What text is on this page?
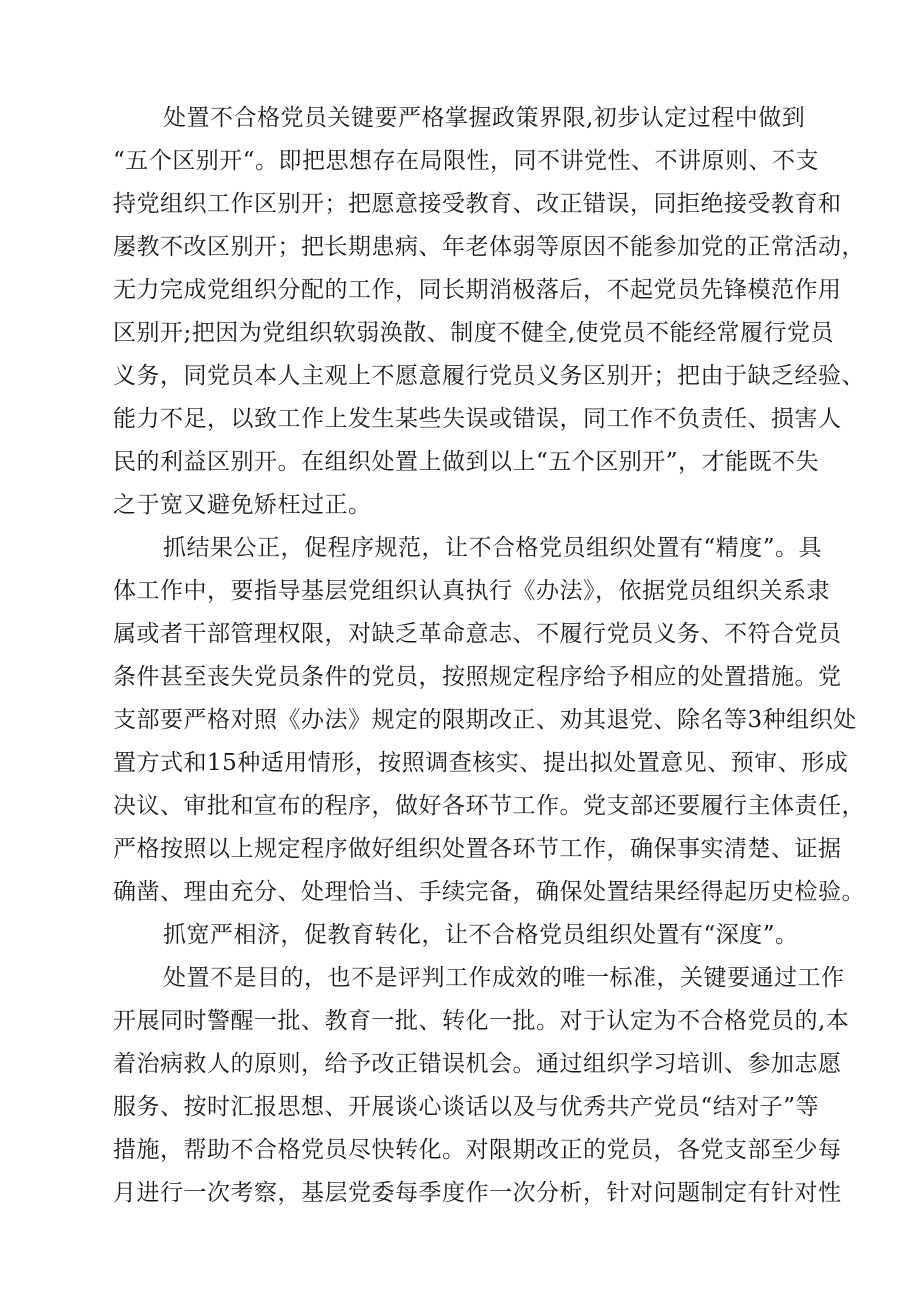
处置不合格党员关键要严格掌握政策界限,初步认定过程中做到
“五个区别开“。即把思想存在局限性，同不讲党性、不讲原则、不支
持党组织工作区别开；把愿意接受教育、改正错误，同拒绝接受教育和
屡教不改区别开；把长期患病、年老体弱等原因不能参加党的正常活动，
无力完成党组织分配的工作，同长期消极落后，不起党员先锋模范作用
区别开;把因为党组织软弱涣散、制度不健全,使党员不能经常履行党员
义务，同党员本人主观上不愿意履行党员义务区别开；把由于缺乏经验、
能力不足，以致工作上发生某些失误或错误，同工作不负责任、损害人
民的利益区别开。在组织处置上做到以上“五个区别开”，才能既不失
之于宽又避免矫枉过正。
抓结果公正，促程序规范，让不合格党员组织处置有“精度”。具
体工作中，要指导基层党组织认真执行《办法》，依据党员组织关系隶
属或者干部管理权限，对缺乏革命意志、不履行党员义务、不符合党员
条件甚至丧失党员条件的党员，按照规定程序给予相应的处置措施。党
支部要严格对照《办法》规定的限期改正、劝其退党、除名等3种组织处
置方式和15种适用情形，按照调查核实、提出拟处置意见、预审、形成
决议、审批和宣布的程序，做好各环节工作。党支部还要履行主体责任，
严格按照以上规定程序做好组织处置各环节工作，确保事实清楚、证据
确凿、理由充分、处理恰当、手续完备，确保处置结果经得起历史检验。
抓宽严相济，促教育转化，让不合格党员组织处置有“深度”。
处置不是目的，也不是评判工作成效的唯一标准，关键要通过工作
开展同时警醒一批、教育一批、转化一批。对于认定为不合格党员的,本
着治病救人的原则，给予改正错误机会。通过组织学习培训、参加志愿
服务、按时汇报思想、开展谈心谈话以及与优秀共产党员“结对子”等
措施，帮助不合格党员尽快转化。对限期改正的党员，各党支部至少每
月进行一次考察，基层党委每季度作一次分析，针对问题制定有针对性
